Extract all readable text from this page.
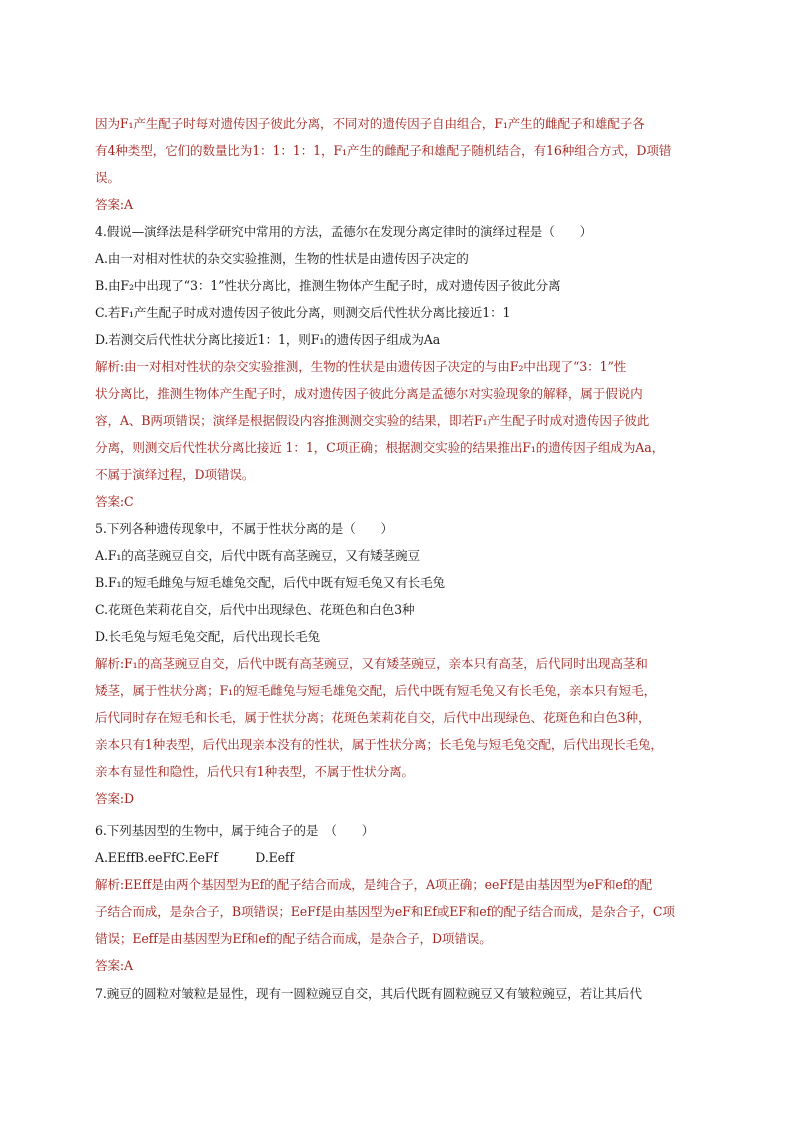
因为F₁产生配子时每对遗传因子彼此分离，不同对的遗传因子自由组合，F₁产生的雌配子和雄配子各
有4种类型，它们的数量比为1：1：1：1，F₁产生的雌配子和雄配子随机结合，有16种组合方式，D项错
误。
答案:A
4.假说—演绎法是科学研究中常用的方法，孟德尔在发现分离定律时的演绎过程是（　　）
A.由一对相对性状的杂交实验推测，生物的性状是由遗传因子决定的
B.由F₂中出现了“3：1”性状分离比，推测生物体产生配子时，成对遗传因子彼此分离
C.若F₁产生配子时成对遗传因子彼此分离，则测交后代性状分离比接近1：1
D.若测交后代性状分离比接近1：1，则F₁的遗传因子组成为Aa
解析:由一对相对性状的杂交实验推测，生物的性状是由遗传因子决定的与由F₂中出现了“3：1”性
状分离比，推测生物体产生配子时，成对遗传因子彼此分离是孟德尔对实验现象的解释，属于假说内
容，A、B两项错误；演绎是根据假设内容推测测交实验的结果，即若F₁产生配子时成对遗传因子彼此
分离，则测交后代性状分离比接近 1：1，C项正确；根据测交实验的结果推出F₁的遗传因子组成为Aa，
不属于演绎过程，D项错误。
答案:C
5.下列各种遗传现象中，不属于性状分离的是（　　）
A.F₁的高茎豌豆自交，后代中既有高茎豌豆，又有矮茎豌豆
B.F₁的短毛雌兔与短毛雄兔交配，后代中既有短毛兔又有长毛兔
C.花斑色茉莉花自交，后代中出现绿色、花斑色和白色3种
D.长毛兔与短毛兔交配，后代出现长毛兔
解析:F₁的高茎豌豆自交，后代中既有高茎豌豆，又有矮茎豌豆，亲本只有高茎，后代同时出现高茎和
矮茎，属于性状分离；F₁的短毛雌兔与短毛雄兔交配，后代中既有短毛兔又有长毛兔，亲本只有短毛，
后代同时存在短毛和长毛，属于性状分离；花斑色茉莉花自交，后代中出现绿色、花斑色和白色3种，
亲本只有1种表型，后代出现亲本没有的性状，属于性状分离；长毛兔与短毛兔交配，后代出现长毛兔，
亲本有显性和隐性，后代只有1种表型，不属于性状分离。
答案:D
6.下列基因型的生物中，属于纯合子的是　（　　）
A.EEffB.eeFfC.EeFf　　　D.Eeff
解析:EEff是由两个基因型为Ef的配子结合而成，是纯合子，A项正确；eeFf是由基因型为eF和ef的配
子结合而成，是杂合子，B项错误；EeFf是由基因型为eF和Ef或EF和ef的配子结合而成，是杂合子，C项
错误；Eeff是由基因型为Ef和ef的配子结合而成，是杂合子，D项错误。
答案:A
7.豌豆的圆粒对皱粒是显性，现有一圆粒豌豆自交，其后代既有圆粒豌豆又有皱粒豌豆，若让其后代
